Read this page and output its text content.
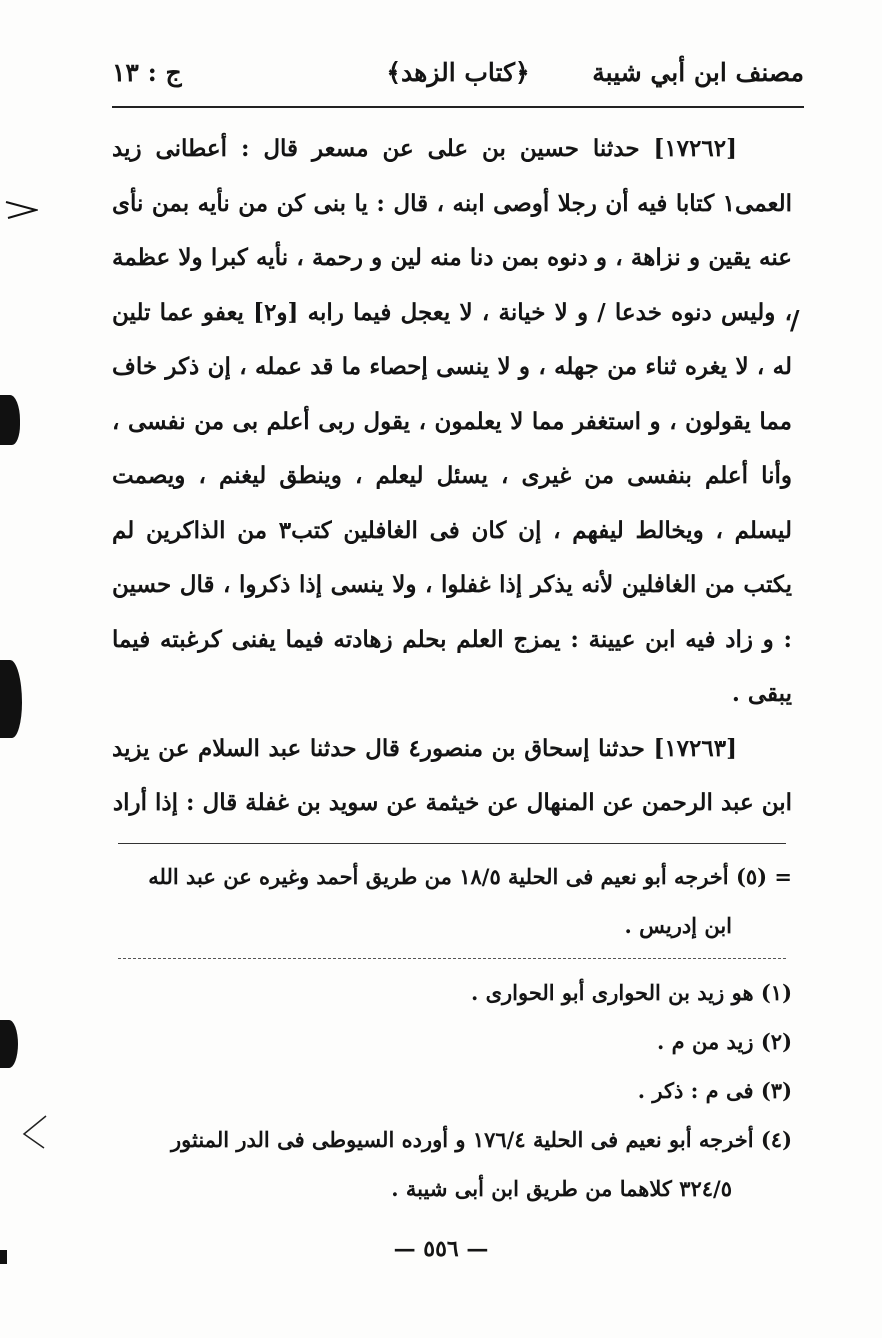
مصنف ابن أبي شيبة
﴿كتاب الزهد﴾
ج : ١٣

[١٧٢٦٢] حدثنا حسين بن على عن مسعر قال : أعطانى زيد العمى١ كتابا فيه أن رجلا أوصى ابنه ، قال : يا بنى كن من نأيه بمن نأى عنه يقين و نزاهة ، و دنوه بمن دنا منه لين و رحمة ، نأيه كبرا ولا عظمة ، وليس دنوه خدعا / و لا خيانة ، لا يعجل فيما رابه [و٢] يعفو عما تلين له ، لا يغره ثناء من جهله ، و لا ينسى إحصاء ما قد عمله ، إن ذكر خاف مما يقولون ، و استغفر مما لا يعلمون ، يقول ربى أعلم بى من نفسى ، وأنا أعلم بنفسى من غيرى ، يسئل ليعلم ، وينطق ليغنم ، ويصمت ليسلم ، ويخالط ليفهم ، إن كان فى الغافلين كتب٣ من الذاكرين لم يكتب من الغافلين لأنه يذكر إذا غفلوا ، ولا ينسى إذا ذكروا ، قال حسين : و زاد فيه ابن عيينة : يمزج العلم بحلم زهادته فيما يفنى كرغبته فيما يبقى .

[١٧٢٦٣] حدثنا إسحاق بن منصور٤ قال حدثنا عبد السلام عن يزيد ابن عبد الرحمن عن المنهال عن خيثمة عن سويد بن غفلة قال : إذا أراد

/

= (٥) أخرجه أبو نعيم فى الحلية ١٨/٥ من طريق أحمد وغيره عن عبد الله

ابن إدريس .

(١) هو زيد بن الحوارى أبو الحوارى .

(٢) زيد من م .

(٣) فى م : ذكر .

(٤) أخرجه أبو نعيم فى الحلية ١٧٦/٤ و أورده السيوطى فى الدر المنثور

٣٢٤/٥ كلاهما من طريق ابن أبى شيبة .

— ٥٥٦ —
